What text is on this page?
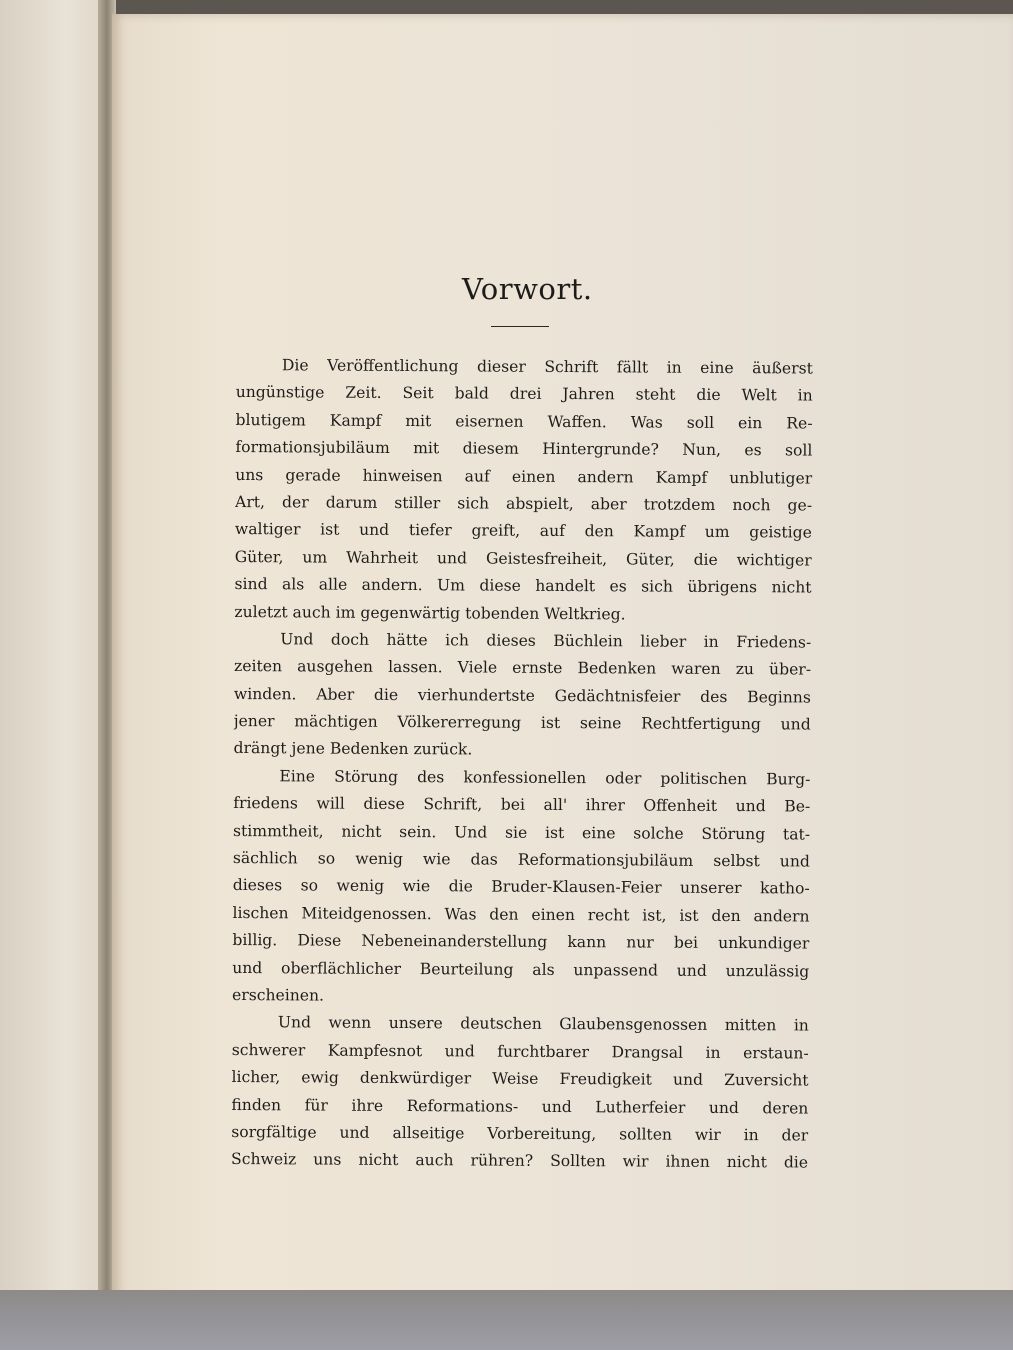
Vorwort.
Die Veröffentlichung dieser Schrift fällt in eine äußerst
ungünstige Zeit. Seit bald drei Jahren steht die Welt in
blutigem Kampf mit eisernen Waffen. Was soll ein Re-
formationsjubiläum mit diesem Hintergrunde? Nun, es soll
uns gerade hinweisen auf einen andern Kampf unblutiger
Art, der darum stiller sich abspielt, aber trotzdem noch ge-
waltiger ist und tiefer greift, auf den Kampf um geistige
Güter, um Wahrheit und Geistesfreiheit, Güter, die wichtiger
sind als alle andern. Um diese handelt es sich übrigens nicht
zuletzt auch im gegenwärtig tobenden Weltkrieg.
Und doch hätte ich dieses Büchlein lieber in Friedens-
zeiten ausgehen lassen. Viele ernste Bedenken waren zu über-
winden. Aber die vierhundertste Gedächtnisfeier des Beginns
jener mächtigen Völkererregung ist seine Rechtfertigung und
drängt jene Bedenken zurück.
Eine Störung des konfessionellen oder politischen Burg-
friedens will diese Schrift, bei all' ihrer Offenheit und Be-
stimmtheit, nicht sein. Und sie ist eine solche Störung tat-
sächlich so wenig wie das Reformationsjubiläum selbst und
dieses so wenig wie die Bruder-Klausen-Feier unserer katho-
lischen Miteidgenossen. Was den einen recht ist, ist den andern
billig. Diese Nebeneinanderstellung kann nur bei unkundiger
und oberflächlicher Beurteilung als unpassend und unzulässig
erscheinen.
Und wenn unsere deutschen Glaubensgenossen mitten in
schwerer Kampfesnot und furchtbarer Drangsal in erstaun-
licher, ewig denkwürdiger Weise Freudigkeit und Zuversicht
finden für ihre Reformations- und Lutherfeier und deren
sorgfältige und allseitige Vorbereitung, sollten wir in der
Schweiz uns nicht auch rühren? Sollten wir ihnen nicht die
